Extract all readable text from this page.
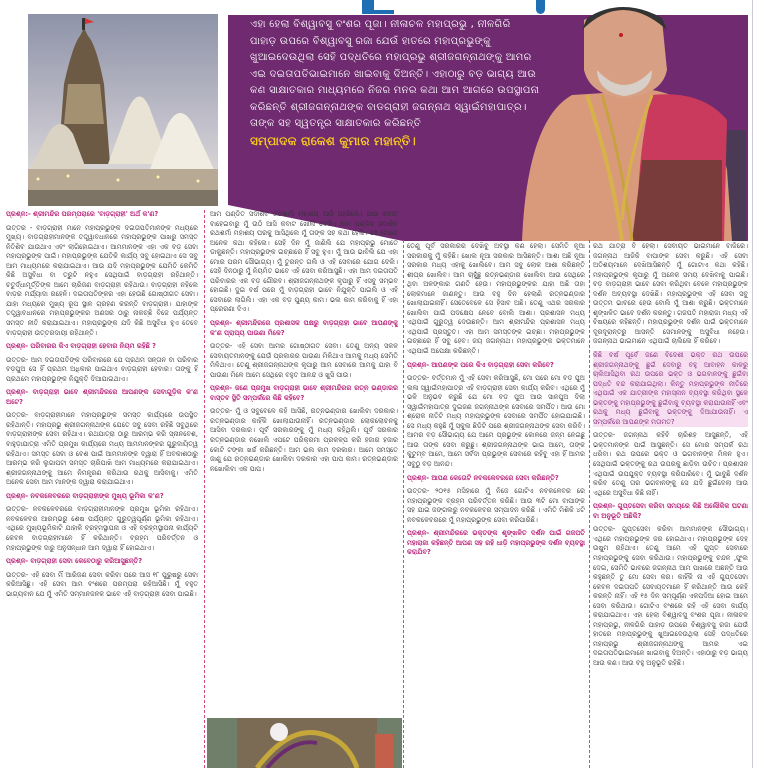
ଏହା ହେଲା ବିଶ୍ୱାବସୁ ବଂଶର ପୂଜା। ନୀଳାଚଳ ମହାପ୍ରଭୁ , ନୀଳଗିରି ପାହାଡ଼ ଉପରେ ବିଶ୍ୱାବସୁ ରଜା ଯେଉଁ ହାତରେ ମହାପ୍ରଭୁଙ୍କୁ ଖୁଆଇଦେଉଥିଲା ସେହି ପଦ୍ଧତିରେ ମହାପ୍ରଭୁ ଶ୍ରୀଜଗନ୍ନାଥଙ୍କୁ ଆମର ଏଇ ଦଇତାପତିଭାଇମାନେ ଖାଇବାକୁ ଦିଅନ୍ତି। ଏହାଠାରୁ ବଡ଼ ଭାଗ୍ୟ ଆଉ କଣ ସାକ୍ଷାତକାର ମାଧ୍ୟମରେ ନିଜର ମନର କଥା ଆମ ଆଗରେ ଉପସ୍ଥାପନା କରିଛନ୍ତି ଶ୍ରୀଜଗନ୍ନାଥଙ୍କ ବାଡଗ୍ରାହୀ ଜଗନ୍ନାଥ ସ୍ୱାଇଁମହାପାତ୍ର। ତାଙ୍କ ସହ ସ୍ୱତନ୍ତ୍ର ସାକ୍ଷାତକାର କରିଛନ୍ତି
ସମ୍ପାଦକ ରାକେଶ କୁମାର ମହାନ୍ତି।

ପ୍ରଶ୍ନ:- ଶ୍ରୀମନ୍ଦିର ପରମ୍ପରାରେ 'ବାଡ଼ଗ୍ରାହୀ' ଅର୍ଥ କ'ଣ?

ଉତ୍ତର - ବାଡ଼ଗ୍ରାହୀ ମାନେ ମହାପ୍ରଭୁଙ୍କ ଦଇତାପତିମାନଙ୍କ ମଧ୍ୟରେ ମୁଖ୍ୟ। ବାଡ଼ଗ୍ରାହୀମାନଙ୍କ ତତ୍ତ୍ୱାବଧାନରେ ମହାପ୍ରଭୁଙ୍କ ପାଖରୁ ସମସ୍ତ ନିତିଶିବ ଯାଉଥାଏ ଏବଂ ଲାଗିହୋଇଥାଏ। ଆମମାନଙ୍କ ଏହା ଏକ ବଡ଼ ସେବା ମହାପ୍ରଭୁଙ୍କ ପାଇଁ। ମହାପ୍ରଭୁଙ୍କ ଯେତିକି କାର୍ଯ୍ୟ ସବୁ ହୋଇଥାଏ ସେ ସବୁ ଆମ ମାଧ୍ୟମରେ କରାଯାଇଥାଏ। ଆଉ ଯଦି ମହାପ୍ରଭୁଙ୍କ ଯେମିତି କେମିତି କିଛି ଅସୁବିଧା ବା ତ୍ରୁଟି ନହୁଏ ସେଥିପାଇଁ ବାଡ଼ଗ୍ରାହୀ ରହିଥାନ୍ତି। ଚତୁର୍ଦ୍ଧାମୂର୍ତ୍ତିଙ୍କ ଆମେ ଚାରିଜଣ ବାଡ଼ଗ୍ରାହୀ ରହିଥାଉ। ବାଡ଼ଗ୍ରାହୀ ନହିଲେ ବାଡ଼ର ମର୍ଯ୍ୟାଦା ରହେନି। ଦଇତାପତିଙ୍କର ଏହା ହେଉଛି ଗୋଷ୍ଠୀଗତ ସେବା। ଯାହା ମଧ୍ୟରେ ମୁଖ୍ୟ ରୂପ ସ୍ଥାନ ଗ୍ରହଣ କରନ୍ତି ବାଡ଼ଗ୍ରାହୀ। ଯାହାଙ୍କ ତତ୍ତ୍ୱାବଧାନରେ ମହାପ୍ରଭୁଙ୍କର ଅଣସର ଠାରୁ ନାକଚ୍ଛି ବିଜେ ପର୍ଯ୍ୟନ୍ତ ସମସ୍ତ ନୀତି କରାଯାଇଥାଏ। ମହାପ୍ରଭୁଙ୍କ ଯଦି କିଛି ଅସୁବିଧା ହୁଏ ତେବେ ବାଡ଼ଗ୍ରାହୀ ଉତ୍ତରଦାୟୀ ରହିଥାନ୍ତି।

ପ୍ରଶ୍ନ- ପରିବାରର କିଏ ବାଡ଼ଗ୍ରାହୀ ହେବାର ନିୟମ ରହିଛି ?

ଉତ୍ତର- ଆମ ଦଇତାପତିଙ୍କ ପରିବାରରେ ଯେ ପ୍ରଥମ ସନ୍ତାନ ବା ପରିବାର ବଡ଼ପୁଅ ସେ ହିଁ ପ୍ରଥମ ଅଧିକାର ପାଇଥାଏ ବାଡ଼ଗ୍ରାହୀ ହେବାର। ତାଙ୍କୁ ହିଁ ପ୍ରଥମେ ମହାପ୍ରଭୁଙ୍କ ନିଯୁକ୍ତି ଦିଆଯାଇଥାଏ।

ପ୍ରଶ୍ନ- ବାଡ଼ଗ୍ରାହୀ ଭାବେ ଶ୍ରୀମନ୍ଦିରରେ ଆପଣଙ୍କ ସେବାଗୁଡ଼ିକ କ'ଣ ଅଟେ?

ଉତ୍ତର- ବାଡ଼ଗ୍ରାହୀମାନେ ମହାପ୍ରଭୁଙ୍କ ସମସ୍ତ କାର୍ଯ୍ୟରେ ଉପସ୍ଥିତ ରହିଥାନ୍ତି। ମହାପ୍ରଭୁ ଶ୍ରୀଜଗନ୍ନାଥଙ୍କ ଯେତେ ସବୁ ସେବା ରହିଛି ସବୁଥିରେ ବାଡ଼ଗ୍ରାହୀଙ୍କ ସେବା ରହିଥାଏ। ରଥଯାତ୍ରା ଠାରୁ ଆରମ୍ଭ କରି ସ୍ନାନବେଶ, ବାହୁଡ଼ାଯାତ୍ରା ଏମିତି ପ୍ରମୁଖ କାର୍ଯ୍ୟରେ ମଧ୍ୟ ଆମମାନଙ୍କର ଗୁରୁଦାୟିତ୍ୱ ରହିଥାଏ। ସମସ୍ତ ସେବା ଓ ବେଶ ପାଇଁ ଆମମାନଙ୍କ ଦ୍ୱାରା ହିଁ ଅବକାଶଠାରୁ ଆରମ୍ଭ କରି ଲୁଗାପଟା ସମସ୍ତ ଚାରିପାଖି ଆମ ମାଧ୍ୟମରେ କରାଯାଇଥାଏ। ଶ୍ରୀଜଗନ୍ନାଥଙ୍କୁ ଆମେ ନିମନ୍ତ୍ରଣ କରିଥାଉ ରଥକୁ ଆସିବାକୁ। ଏମିତି ଅନେକ ସେବା ଆମ ମାନଙ୍କ ଦ୍ୱାରା କରାଯାଇଥାଏ।

ପ୍ରଶ୍ନ- ନବକଳେବରରେ ବାଡ଼ଗ୍ରାହୀଙ୍କ ମୁଖ୍ୟ ଭୂମିକା କ'ଣ?

ଉତ୍ତର- ନବକଳେବରରେ ବାଡ଼ଗ୍ରାହୀମାନଙ୍କ ପ୍ରମୁଖ ଭୂମିକା ରହିଥାଏ। ନବକଳେବର ଆରମ୍ଭରୁ ଶେଷ ପର୍ଯ୍ୟନ୍ତ ଗୁରୁତ୍ୱପୂର୍ଣ୍ଣ ଭୂମିକା ରହିଥାଏ। ଏଥିରେ ମୁଖ୍ୟଭୂମିକାଟି ଯାହାକି ବ୍ରହ୍ମସ୍ଥାପନା ଓ ଏହି ବ୍ରହ୍ମସ୍ଥାପନା କାର୍ଯ୍ୟଟି କେବଳ ବାଡ଼ଗ୍ରାହୀମାନେ ହିଁ କରିଥାନ୍ତି। ବ୍ରହ୍ମ ପରିବର୍ତ୍ତନ ଓ ମହାପ୍ରଭୁଙ୍କ ଦାରୁ ଅନୁସନ୍ଧାନ ଆମ ଦ୍ୱାରା ହିଁ ହୋଇଥାଏ।

ପ୍ରଶ୍ନ- ବାଡ଼ଗ୍ରାହୀ ସେବା କେବେଠାରୁ କରିଆସୁଛନ୍ତି?

ଉତ୍ତର- ଏହି ସେବା ମିଁ ଆରିଜଣ ସେବା କରିବା ପରେ ଆସ ୧୮ ପୁରୁଷରୁ ସେବା କରିଆସିଛୁ। ଏହି ସେବା ଆମ ବଂଶରେ ପରମ୍ପରା ରହିଆସିଛି। ମୁଁ ବହୁତ ଭାଗ୍ୟବାନ ଯେ ମୁଁ ଏମିତି ସମ୍ମାନଜନକ ଭାବେ ଏହି ବାଡ଼ଗ୍ରାହୀ ସେବା ପାଇଛି।

ଆମ ପଣ୍ଡିତ ସଦାଶିବ ରଥଶର୍ମା ମହାଶୟ ଆସି ପହଞ୍ଚିଲେ। ଆଉ କବାଟ ବାହେଇବାରୁ ମୁଁ ଉଠି ଆସି କବାଟ ଖୋଲି ଦେଲି। ଆମ ପଣ୍ଡିତ ସଦାଶିବ ରଥଶର୍ମା ମହାଶୟ ଘରକୁ ଆସିଥିଲେ ମୁଁ ତାଙ୍କ ସହ କଥା ହେଲି। ସେ ମୋତେ ଅନେକ କଥା କହିଲେ। ସେହି ଦିନ ମୁଁ ଜାଣିଲି ଯେ ମହାପ୍ରଭୁ ମୋତେ ଡାକୁଛନ୍ତି। ମହାପ୍ରଭୁଙ୍କ ଇଚ୍ଛାରେ ହିଁ ସବୁ ହୁଏ। ମୁଁ ଆଉ ଭାବିଲି ଯେ ଏହା ମୋର ପରମ ସୌଭାଗ୍ୟ। ମୁଁ ତୁରନ୍ତ ଗଲି ଓ ଏହି ସେବାରେ ଯୋଗ ଦେଲି। ସେହି ଦିନଠାରୁ ମୁଁ ନିୟମିତ ଭାବେ ଏହି ସେବା କରିଆସୁଛି। ଏହା ଆମ ଦଇତାପତି ପରିବାରର ଏକ ବଡ଼ ଗୌରବ। ଶ୍ରୀଜଗନ୍ନାଥଙ୍କ କୃପାରୁ ହିଁ ଏସବୁ ସମ୍ଭବ ହୋଇଛି। ଦୁଇ ବର୍ଷ ପରେ ମୁଁ ବାଡ଼ଗ୍ରାହୀ ଭାବେ ନିଯୁକ୍ତି ପାଇଲି ଓ ଏହି ସେବାରେ ଲାଗିଲି। ଏହା ଏକ ବଡ଼ ପୁଣ୍ୟ କାମ। ଭଲ କାମ କରିବାକୁ ହିଁ ଏହା ପ୍ରେରଣା ଦିଏ।

ପ୍ରଶ୍ନ- ଶ୍ରୀମନ୍ଦିରରେ ପ୍ରଶାସକ ପକ୍ଷରୁ ବାଡ଼ଗ୍ରାହୀ ଭାବେ ଆପଣଙ୍କୁ କ'ଣ ପ୍ରାପ୍ୟ ପାଉଣା ମିଳେ?

ଉତ୍ତର- ଏହି ସେବା ଆମର ଗୋଷ୍ଠୀଗତ ସେବା। ତେଣୁ ଅନ୍ୟ ସକଳ ସେବାୟତମାନଙ୍କୁ ଯେଉଁ ପ୍ରକାରର ପାଉଣା ମିଳିଥାଏ ଆମକୁ ମଧ୍ୟ ସେମିତି ମିଳିଥାଏ। ତେଣୁ ଶ୍ରୀଜଗନ୍ନାଥଙ୍କ କୃପାରୁ ଆମ ସେବାରେ ଆମକୁ ଯାହା ବି ପାଉଣା ମିଳେ ଆମେ ସେଥିରେ ବହୁତ ଆନନ୍ଦ ଓ ଖୁସି ପାଉ।

ପ୍ରଶ୍ନ- ଜଣେ ପ୍ରମୁଖ ବାଡ଼ଗ୍ରାହୀ ଭାବେ ଶ୍ରୀମନ୍ଦିରର ରତ୍ନ ଭଣ୍ଡାରର ବାସ୍ତବ ସ୍ଥିତି ସମ୍ପର୍କରେ କିଛି କହିବେ?

ଉତ୍ତର- ମୁଁ ଓ ସବୁବେଳେ କହି ଆସିଛି, ରତ୍ନଭଣ୍ଡାର ଖୋଲିବା ଦରକାର। ରତ୍ନଭଣ୍ଡାର କାହିଁକି ଖୋଲାଯାଉନାହିଁ। ରତ୍ନଭଣ୍ଡାର ଲୋକଲୋଚନକୁ ଆସିବା ଦରକାର। ପୂର୍ବ ସରକାରଙ୍କୁ ମୁଁ ମଧ୍ୟ କହିଥିଲି। ପୂର୍ବ ସରକାର ରତ୍ନଭଣ୍ଡାର ନଖୋଲି ଏପଟେ ପରିକ୍ରମା ପ୍ରକଳ୍ପ କରି ହଜାର ହଜାର କୋଟି ଟଙ୍କା ଖର୍ଚ୍ଚ କରିଛନ୍ତି। ଆମ ଭଲ କାମ ଦରକାର। ଆମେ ସମସ୍ତେ ଜାଣୁ ଯେ ରତ୍ନଭଣ୍ଡାର ଖୋଲିବା ଦରକାର ଏହା ପାପ କାମ। ରତ୍ନଭଣ୍ଡାର ନଖୋଲିବା ଏକ ପାପ।

ତେଣୁ ପୂର୍ବ ସରକାରର ଦେଖିବୁ ଅବସ୍ଥା କଣ ହେଲା। ସେମିତି ନୂଆ ସରକାରକୁ ମୁଁ କହିଛି। ଖୋଲ ନୂଆ ସରକାର ଆସିଛନ୍ତି। ଆଶା ଅଛି ନୂଆ ସରକାର ମଧ୍ୟ ଏହାକୁ ଖୋଲିବେ। ଆମ ସବୁ ଲୋକ ଆଶା କରିଛନ୍ତି ଶୀଘ୍ର ଖୋଲିବ। ଆମ ଚାହୁଁଛୁ ରତ୍ନଭଣ୍ଡାର ଖୋଲିବା ଆଉ ସେଥିରେ ଥିବା ଅଳଙ୍କାର ଗଣତି ହେଉ। ମହାପ୍ରଭୁଙ୍କର ଯାହା ଅଛି ତାହା ଲୋକମାନେ ଜାଣନ୍ତୁ। ଆଉ ବହୁ ଦିନ ହେଲାଣି ରତ୍ନଭଣ୍ଡାର ଖୋଲାଯାଇନାହିଁ। ସେତେବେଳେ ସେ ହିସାବ ଅଛି। ତେଣୁ ଏଥର ସରକାର ଖୋଲିବା ପାଇଁ ପଦକ୍ଷେପ ନେବେ ବୋଲି ଆଶା। ପ୍ରଶାସନ ମଧ୍ୟ ଏଥିପାଇଁ ଗୁରୁତ୍ୱ ଦେଉଛନ୍ତି। ଆମ ଶ୍ରୀମନ୍ଦିର ପ୍ରଶାସନ ମଧ୍ୟ ଏଥିପାଇଁ ପ୍ରସ୍ତୁତ। ଏହା ଆମ ସମସ୍ତଙ୍କ ଇଚ୍ଛା। ମହାପ୍ରଭୁଙ୍କ ଇଚ୍ଛାରେ ହିଁ ସବୁ ହେବ। ଜୟ ଜଗନ୍ନାଥ। ମହାପ୍ରଭୁଙ୍କ ଭକ୍ତମାନେ ଏଥିପାଇଁ ଅପେକ୍ଷା କରିଛନ୍ତି।

ପ୍ରଶ୍ନ- ଆପଣଙ୍କ ପରେ କିଏ ବାଡ଼ଗ୍ରାହୀ ସେବା କରିବେ?

ଉତ୍ତର- ବର୍ତ୍ତମାନ ମୁଁ ଏହି ସେବା କରିଆସୁଛି, ମୋ ପରେ ମୋ ବଡ଼ ପୁଅ ଲଳା ସ୍ୱାଇଁମହାପାତ୍ର ଏହି ବାଡ଼ଗ୍ରାହୀ ସେବା କାର୍ଯ୍ୟ କରିବ। ଏଥିରେ ମୁଁ ଭଳି ଅନୁଭବ କରୁଛି ଯେ ମୋ ବଡ଼ ପୁଅ ଆଉ ସାନପୁଅ ଦିଲା ସ୍ୱାଇଁମହାପାତ୍ର ଦୁଇଜଣ ଜଗନ୍ନାଥଙ୍କ ସେବାରେ ସମର୍ପିତ। ଆଉ ମୋ ଶ୍ରୋକ ନାତିଟି ମଧ୍ୟ ମହାପ୍ରଭୁଙ୍କ ସେବାରେ ସମର୍ପିତ ହୋଇଯାଇଛି। ସେ ମଧ୍ୟ କହୁଛି ମୁଁ ସ୍କୁଲ ଛିଡିଟି ପରେ ଶ୍ରୀଜଗନ୍ନାଥଙ୍କ ସେବା କରିବି। ଆମର ବଡ଼ ସୌଭାଗ୍ୟ ଯେ ଆମେ ପ୍ରଭୁଙ୍କ କୋଳରେ ଜନ୍ମ ନେଇଛୁ ଆଉ ତାଙ୍କ ସେବା କରୁଛୁ। ଶ୍ରୀଜଗନ୍ନାଥଙ୍କ ଭାଇ ଆମେ, ତାଙ୍କ କୁଟୁମ୍ବ ଆମେ, ଆମେ ସର୍ବଦା ପ୍ରଭୁଙ୍କ ସେବାରେ ରହିବୁ ଏହା ହିଁ ଆମର ସବୁଠୁ ବଡ଼ ଆନନ୍ଦ।

ପ୍ରଶ୍ନ- ଆପଣ କେତୋଟି ନବକଳେବରରେ ସେବା କରିଛନ୍ତି?

ଉତ୍ତର- ୨୦୧୫ ମସିହାରେ ମୁଁ ନିଜେ ଗୋଟିଏ ନବକଳେବର ରେ ମହାପ୍ରଭୁଙ୍କ ବ୍ରହ୍ମ ପରିବର୍ତ୍ତନ କରିଛି। ଆଉ ୩ଟି ମୋ ବାପାଙ୍କ ସହ ଯାଇ ଜଙ୍ଗଲରୁ ନବକଳେବର ସମ୍ପାଦନ କରିଛି । ଏମିତି ମିଶିକି ୪ଟି ନବକଳେବରରେ ମୁଁ ମହାପ୍ରଭୁଙ୍କ ସେବା କରିପାରିଛି।

ପ୍ରଶ୍ନ- ଶ୍ରୀମନ୍ଦିରରେ ଭକ୍ତଙ୍କ ଶୃଙ୍ଖଳିତ ଦର୍ଶନ ପାଇଁ ଗଜପତି ମହାରାଜା କହିଛନ୍ତି ଆପଣ ସହ ରହି ଧାଡ଼ି ମହାପ୍ରଭୁଙ୍କ ଦର୍ଶନ ବ୍ୟବସ୍ଥା କରାଯିବ?

ରଥ ଯାତ୍ରା ବି ହେଲା। ସେବାୟତ ଭାଇମାନେ ବାଜିରେ। ଜଗନ୍ନାଥ ଆଜିକି ବାପାଙ୍କ ସେବା କରୁଛି। ଏହି ସେବା ଅତିଶୟମାନେ ଦେଖିଆସିଛନ୍ତି ମୁଁ ଗୋଟାଏ କଥା କହିଛି। ମହାପ୍ରଭୁଙ୍କ କୃପାରୁ ମୁଁ ଅନେକ ସମୟ ଦେଖିବାକୁ ପାଇଛି। ବଡ଼ ବାଡ଼ଗ୍ରାହୀ ଭାବେ ସେବା କରିଥିବା ବେଳେ ମହାପ୍ରଭୁଙ୍କ ଦର୍ଶନ ଅବ୍ୟବସ୍ଥା ଦେଖିଛି। ମହାପ୍ରଭୁଙ୍କ ଏହି ସେବା ସବୁ ଉତ୍ତମ ଭାବରେ ହେଉ ବୋଲି ମୁଁ ଆଶା କରୁଛି। ଭକ୍ତମାନେ ଶୃଙ୍ଖଳିତ ଭାବେ ଦର୍ଶନ କରନ୍ତୁ। ଗଜପତି ମହାରାଜା ମଧ୍ୟ ଏହି ବିଷୟରେ କହିଛନ୍ତି। ମହାପ୍ରଭୁଙ୍କ ଦର୍ଶନ ପାଇଁ ଭକ୍ତମାନେ ଦୂରଦୂରାନ୍ତରୁ ଆସନ୍ତି ସେମାନଙ୍କୁ ଅସୁବିଧା ନହେଉ। ଜଗନ୍ନାଥ ଭାଇମାନେ ଏଥିପାଇଁ ଚାଲିଲେ ହିଁ କରିବେ।

କିଛି ବର୍ଷ ପୂର୍ବେ ଜଣେ ବିଦେଶୀ ଭକ୍ତ ରଥ ଉପରେ ଶ୍ରୀଜଗନ୍ନାଥଙ୍କୁ ଛୁଇଁ ଦେବାରୁ ବହୁ ଆବାହନ କାଳରୁ ଚାଲିଆସିଥିବା ରଥ ଉପରେ ଭକ୍ତ ଓ ଭଗବାନଙ୍କୁ ଛୁଇଁବା ପଦ୍ଧତି ବନ୍ଦ କରାଯାଇଥିଲା। କିନ୍ତୁ ମହାପ୍ରଭୁଙ୍କ ନୀତିରେ ଏଥିପାଇଁ ଏକ ଯାତ୍ରୀଙ୍କ ମହାସ୍ନାନ ବ୍ୟବସ୍ଥା କରିଥିବା ସ୍ଥଳେ ଭକ୍ତଙ୍କୁ ମହାପ୍ରଭୁଙ୍କୁ ଛୁଇଁବାକୁ ବ୍ୟବସ୍ଥା କରାଯାଉନାହିଁ ଏବଂ ରଥକୁ ମଧ୍ୟ ଛୁଇଁବାକୁ ଭକ୍ତଙ୍କୁ ଦିଆଯାଉନାହିଁ। ଏ ସମ୍ପର୍କରେ ଆପଣଙ୍କ ମତାମତ?

ଉତ୍ତର- ଜଗନ୍ନାଥ କହିବି ଚାରିଶହ ଆସୁଛନ୍ତି, ଏହି ଭକ୍ତମାନଙ୍କ ପାଇଁ ଆସୁଛନ୍ତି। ସେ ମୋର ସମ୍ପର୍କ ରଥ ଧରିବା। ରଥ ଉପରେ ଭକ୍ତ ଓ ଭଗବାନଙ୍କ ମିଳନ ହୁଏ। ସେଥିପାଇଁ ଭକ୍ତଙ୍କୁ ରଥ ଉପରକୁ ଛାଡ଼ିବା ଉଚିତ। ପ୍ରଶାସନ ଏଥିପାଇଁ ଉପଯୁକ୍ତ ବ୍ୟବସ୍ଥା କରିପାରିବେ। ମୁଁ ଭାବୁଛି ଦର୍ଶନ କରିବ ତେଣୁ ତାର ଭଗବାନଙ୍କୁ ସେ ଯଦି ଛୁଇଁଦେଲା ଆଉ ଏଥିରେ ଅସୁବିଧା କିଛି ନାହିଁ।

ପ୍ରଶ୍ନ- ଗୁପ୍ତସେବା କରିବା ସମୟରେ କିଛି ଅଲୌକିକ ଘଟଣା ବା ଅନୁଭୂତି ଅଛିକି?

ଉତ୍ତର- ଗୁପ୍ତସେବା କରିବା ଆମମାନଙ୍କ ସୌଭାଗ୍ୟ। ଏଥିରେ ମହାପ୍ରଭୁଙ୍କ ଜର ହୋଇଥାଏ। ମହାପ୍ରଭୁଙ୍କ ଦେହ ଉଷୁମ ରହିଥାଏ। ତେଣୁ ଆମେ ଏହି ଗୁପ୍ତ ସେବାରେ ମହାପ୍ରଭୁଙ୍କୁ ସେବା କରିଥାଉ। ମହାପ୍ରଭୁଙ୍କୁ ଚନ୍ଦନ ,ଫୁଲ ଦେଇ, ସେମିତି ଭାବରେ ଜଗନ୍ନାଥ ଆମ ପାଖରେ ଅଛନ୍ତି ଆଉ କହୁଛନ୍ତି ତୁ ମୋ ସେବା କର। କାହିଁକି ନା ଏହି ଗୁପ୍ତସେବା କେବଳ ଦଇତାପତି ସେବାୟତମାନେ ହିଁ କରିଥାନ୍ତି ଆଉ କେହି କରନ୍ତି ନାହିଁ। ଏହି ୧୫ ଦିନ ସମ୍ପୂର୍ଣ୍ଣ ଏକପଦିଆ ହୋଇ ଆମେ ସେବା କରିଥାଉ। ଗୋଟିଏ ବଂଶରେ ରହି ଏହି ସେବା କାର୍ଯ୍ୟ କରାଯାଇଥାଏ। ଏହା ହେଲା ବିଶ୍ୱାବସୁ ବଂଶର ପୂଜା। ନୀଳାଚଳ ମହାପ୍ରଭୁ, ନୀଳଗିରି ପାହାଡ଼ ଉପରେ ବିଶ୍ୱାବସୁ ରଜା ଯେଉଁ ହାତରେ ମହାପ୍ରଭୁଙ୍କୁ ଖୁଆଇଦେଉଥିଲା ସେହି ପଦ୍ଧତିରେ ମହାପ୍ରଭୁ ଶ୍ରୀଜଗନ୍ନାଥଙ୍କୁ ଆମର ଏଇ ଦଇତାପତିଭାଇମାନେ ଖାଇବାକୁ ଦିଅନ୍ତି। ଏହାଠାରୁ ବଡ଼ ଭାଗ୍ୟ ଆଉ କଣ। ଆଉ ବହୁ ଅନୁଭୂତି ରହିଛି।
